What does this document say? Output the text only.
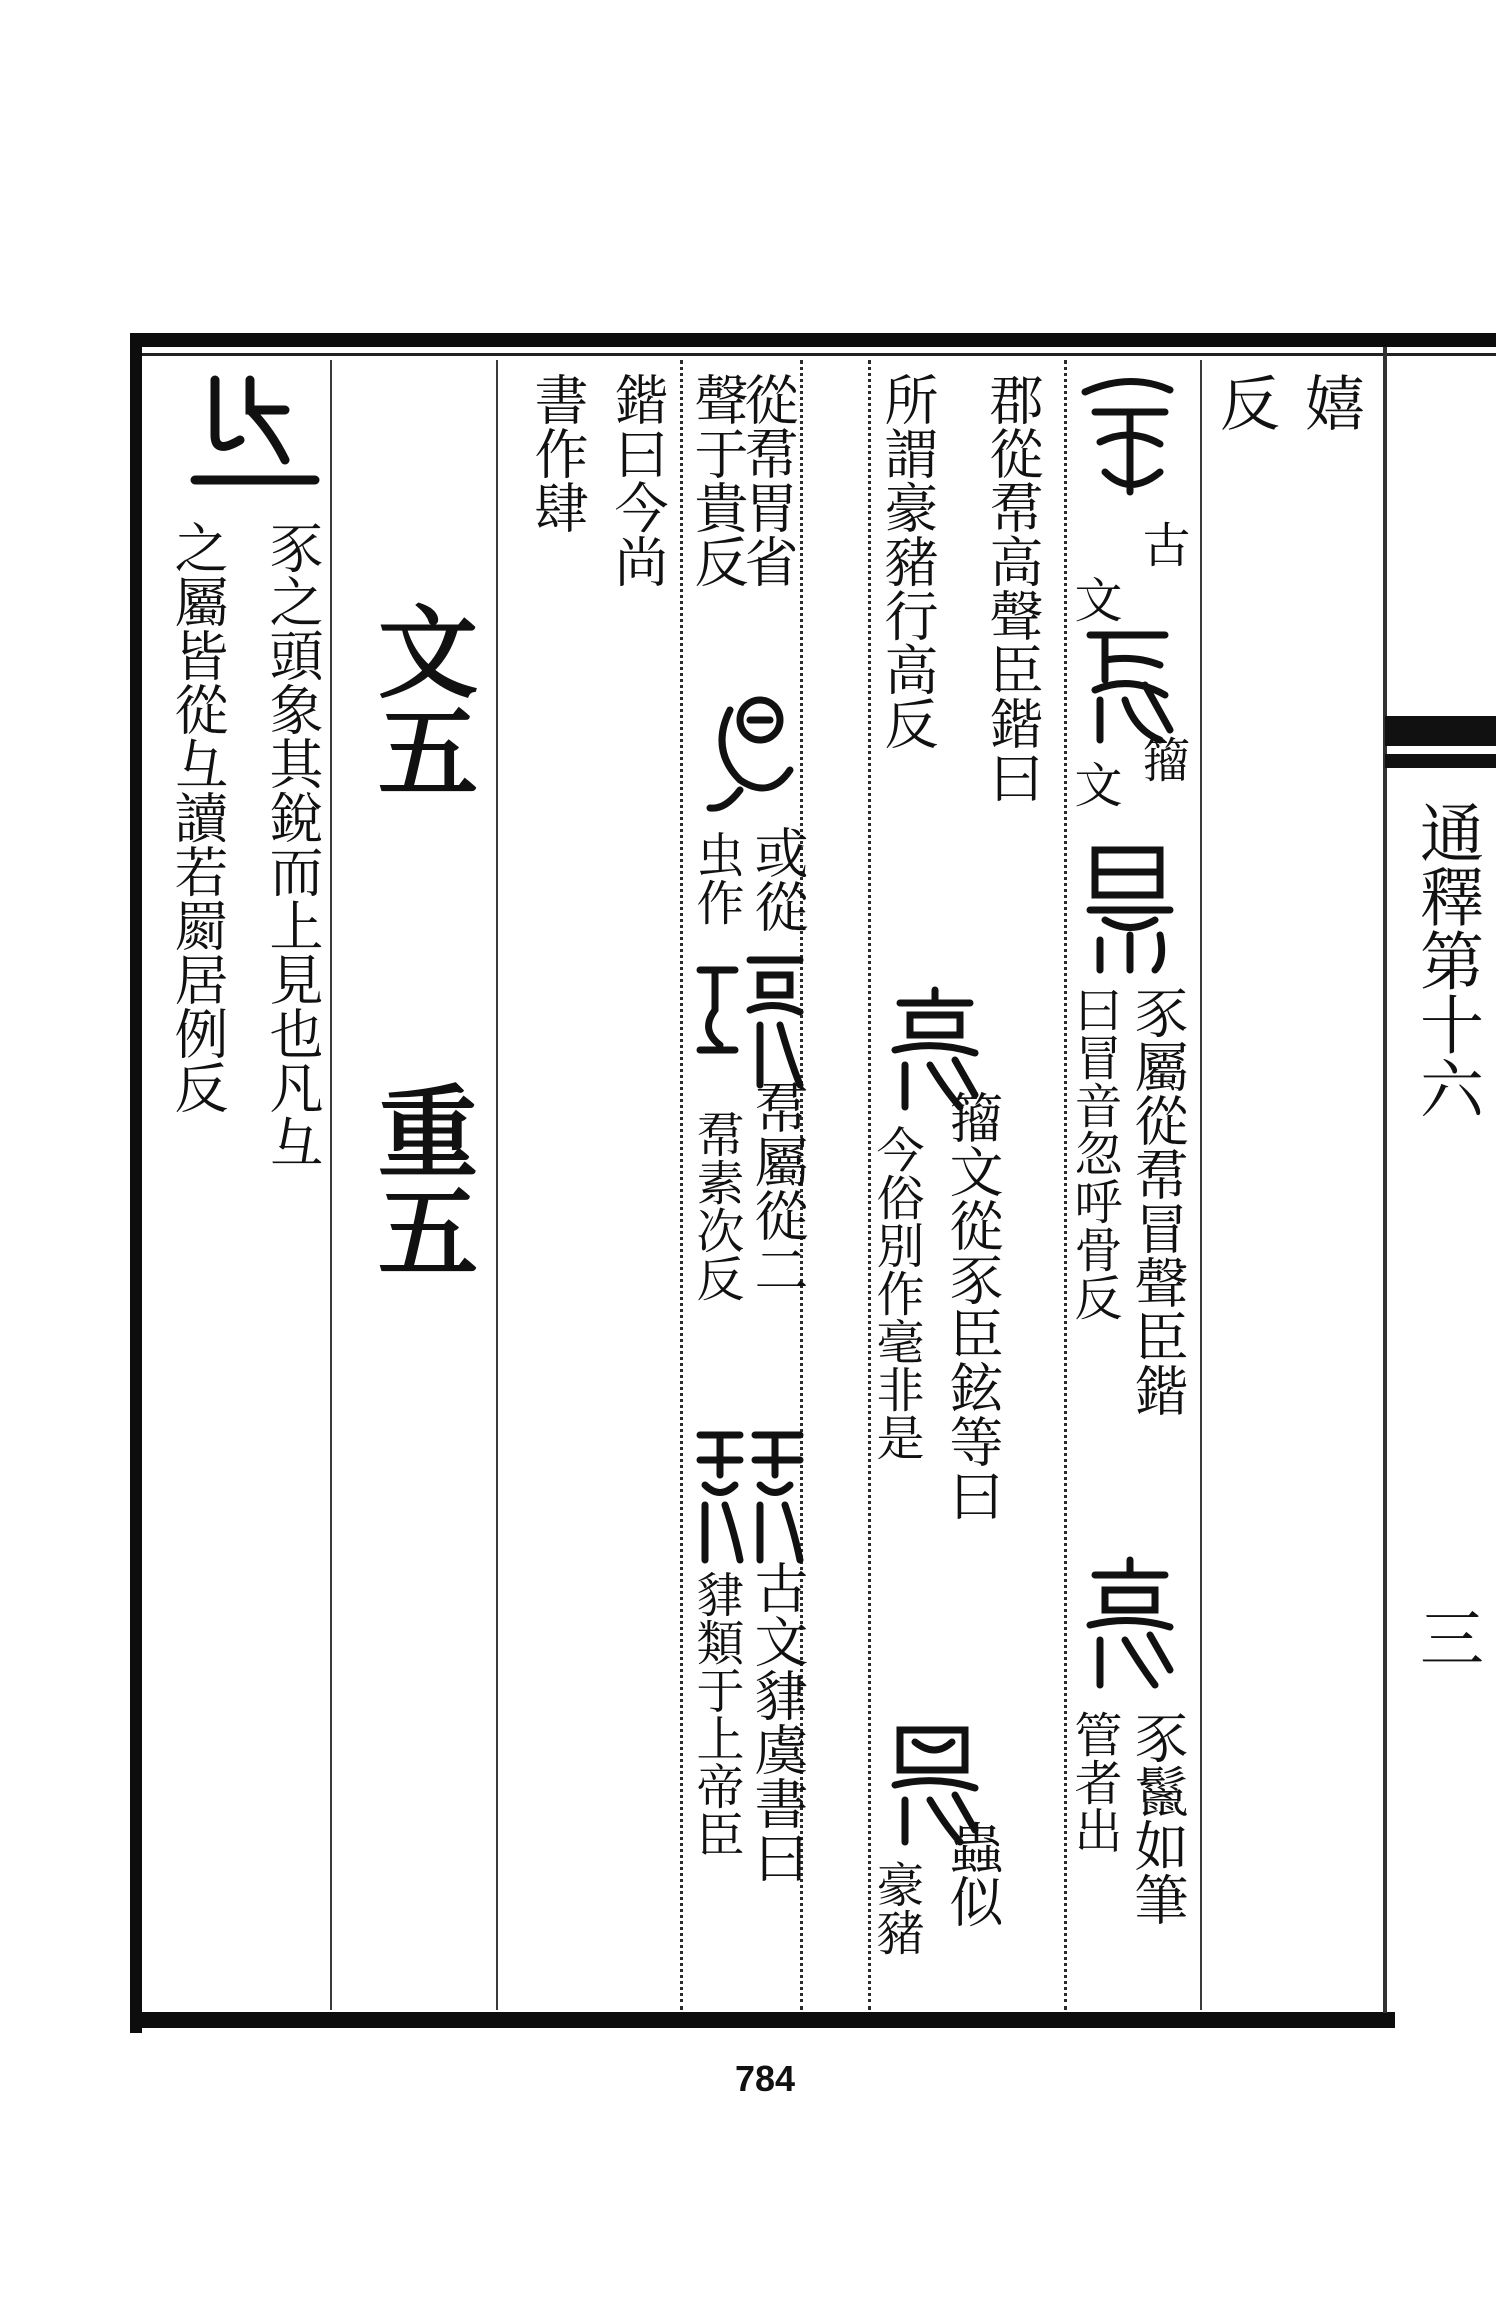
通釋第十六
三
嬉
反
古
文
籀
文
豕屬從帬冒聲臣鍇
曰冒音忽呼骨反
豕鬣如筆
管者出
郡從帬高聲臣鍇曰
籀文從豕臣鉉等曰
蟲似
所謂豪豬行高反
今俗別作毫非是
豪豬
從帬胃省
或從
帬屬從二
古文貄虞書曰
聲于貴反
虫作
帬素次反
貄類于上帝臣
鍇曰今尚
書作肆
文五
重五
豕之頭象其銳而上見也凡彑
之屬皆從彑讀若罽居例反
784
